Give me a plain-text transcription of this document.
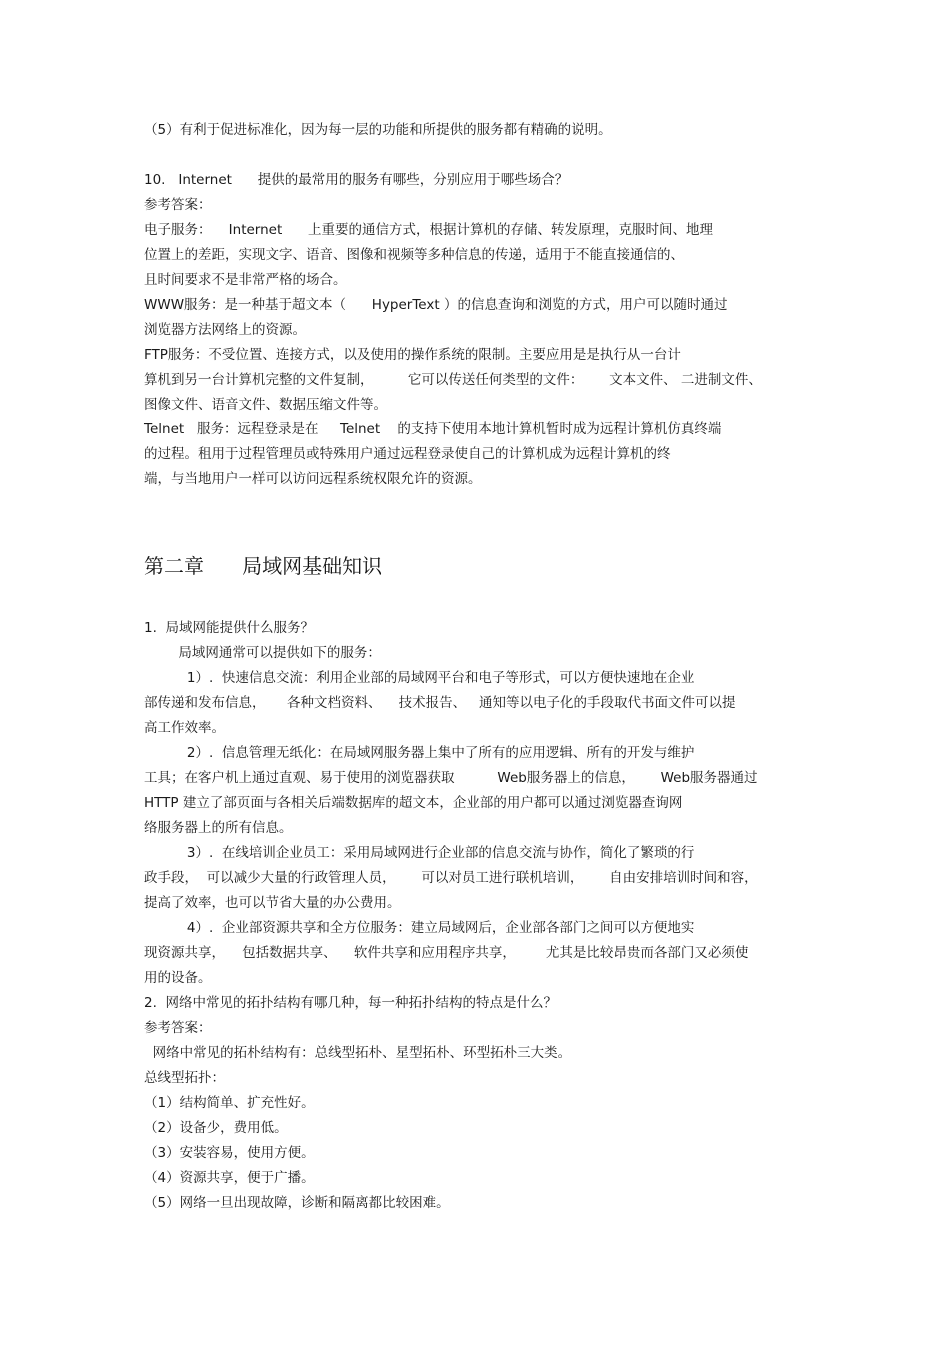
（5）有利于促进标准化，因为每一层的功能和所提供的服务都有精确的说明。
10.   Internet      提供的最常用的服务有哪些，分别应用于哪些场合？
参考答案：
电子服务：    Internet      上重要的通信方式，根据计算机的存储、转发原理，克服时间、地理
位置上的差距，实现文字、语音、图像和视频等多种信息的传递，适用于不能直接通信的、
且时间要求不是非常严格的场合。
WWW服务：是一种基于超文本（      HyperText ）的信息查询和浏览的方式，用户可以随时通过
浏览器方法网络上的资源。
FTP服务：不受位置、连接方式，以及使用的操作系统的限制。主要应用是是执行从一台计
算机到另一台计算机完整的文件复制，        它可以传送任何类型的文件：      文本文件、 二进制文件、
图像文件、语音文件、数据压缩文件等。
Telnet   服务：远程登录是在     Telnet    的支持下使用本地计算机暂时成为远程计算机仿真终端
的过程。租用于过程管理员或特殊用户通过远程登录使自己的计算机成为远程计算机的终
端，与当地用户一样可以访问远程系统权限允许的资源。
第二章      局域网基础知识
1.  局域网能提供什么服务？
局域网通常可以提供如下的服务：
1）.  快速信息交流：利用企业部的局域网平台和电子等形式，可以方便快速地在企业
部传递和发布信息，     各种文档资料、    技术报告、   通知等以电子化的手段取代书面文件可以提
高工作效率。
2）.  信息管理无纸化：在局域网服务器上集中了所有的应用逻辑、所有的开发与维护
工具；在客户机上通过直观、易于使用的浏览器获取          Web服务器上的信息，      Web服务器通过
HTTP 建立了部页面与各相关后端数据库的超文本，企业部的用户都可以通过浏览器查询网
络服务器上的所有信息。
3）.  在线培训企业员工：采用局域网进行企业部的信息交流与协作，简化了繁琐的行
政手段，  可以减少大量的行政管理人员，      可以对员工进行联机培训，      自由安排培训时间和容，
提高了效率，也可以节省大量的办公费用。
4）.  企业部资源共享和全方位服务：建立局域网后，企业部各部门之间可以方便地实
现资源共享，    包括数据共享、    软件共享和应用程序共享，       尤其是比较昂贵而各部门又必须使
用的设备。
2.  网络中常见的拓扑结构有哪几种，每一种拓扑结构的特点是什么？
参考答案：
网络中常见的拓朴结构有：总线型拓朴、星型拓朴、环型拓朴三大类。
总线型拓扑：
（1）结构简单、扩充性好。
（2）设备少，费用低。
（3）安装容易，使用方便。
（4）资源共享，便于广播。
（5）网络一旦出现故障，诊断和隔离都比较困难。
